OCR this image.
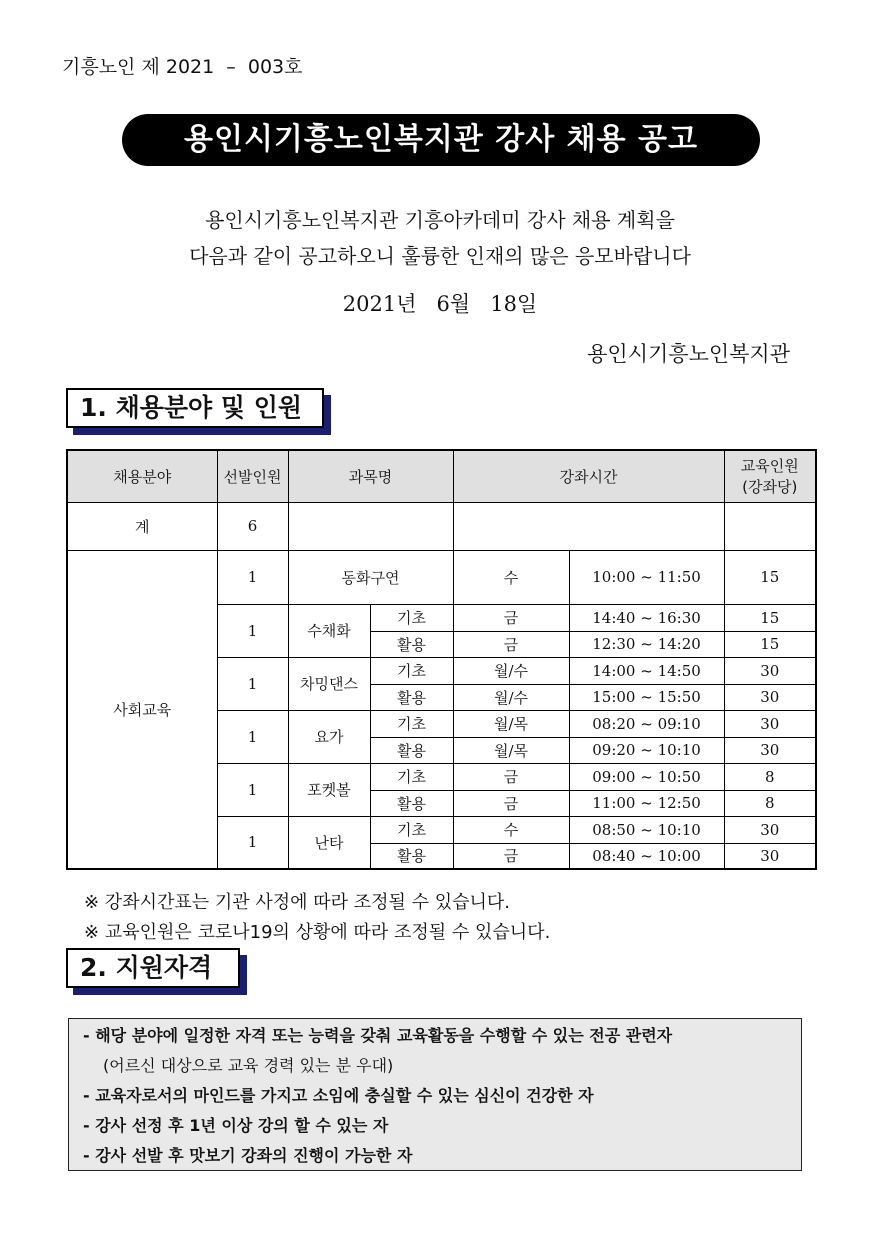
기흥노인 제 2021  –  003호
용인시기흥노인복지관 강사 채용 공고
용인시기흥노인복지관 기흥아카데미 강사 채용 계획을
다음과 같이 공고하오니 훌륭한 인재의 많은 응모바랍니다
2021년   6월   18일
용인시기흥노인복지관
1. 채용분야 및 인원
채용분야	선발인원	과목명		강좌시간		교육인원
(강좌당)
계	6					
사회교육	1	동화구연		수	10:00 ~ 11:50	15
	1	수채화	기초	금	14:40 ~ 16:30	15
			활용	금	12:30 ~ 14:20	15
	1	차밍댄스	기초	월/수	14:00 ~ 14:50	30
			활용	월/수	15:00 ~ 15:50	30
	1	요가	기초	월/목	08:20 ~ 09:10	30
			활용	월/목	09:20 ~ 10:10	30
	1	포켓볼	기초	금	09:00 ~ 10:50	8
			활용	금	11:00 ~ 12:50	8
	1	난타	기초	수	08:50 ~ 10:10	30
			활용	금	08:40 ~ 10:00	30
※ 강좌시간표는 기관 사정에 따라 조정될 수 있습니다.
※ 교육인원은 코로나19의 상황에 따라 조정될 수 있습니다.
2. 지원자격
- 해당 분야에 일정한 자격 또는 능력을 갖춰 교육활동을 수행할 수 있는 전공 관련자
(어르신 대상으로 교육 경력 있는 분 우대)
- 교육자로서의 마인드를 가지고 소임에 충실할 수 있는 심신이 건강한 자
- 강사 선정 후 1년 이상 강의 할 수 있는 자
- 강사 선발 후 맛보기 강좌의 진행이 가능한 자
